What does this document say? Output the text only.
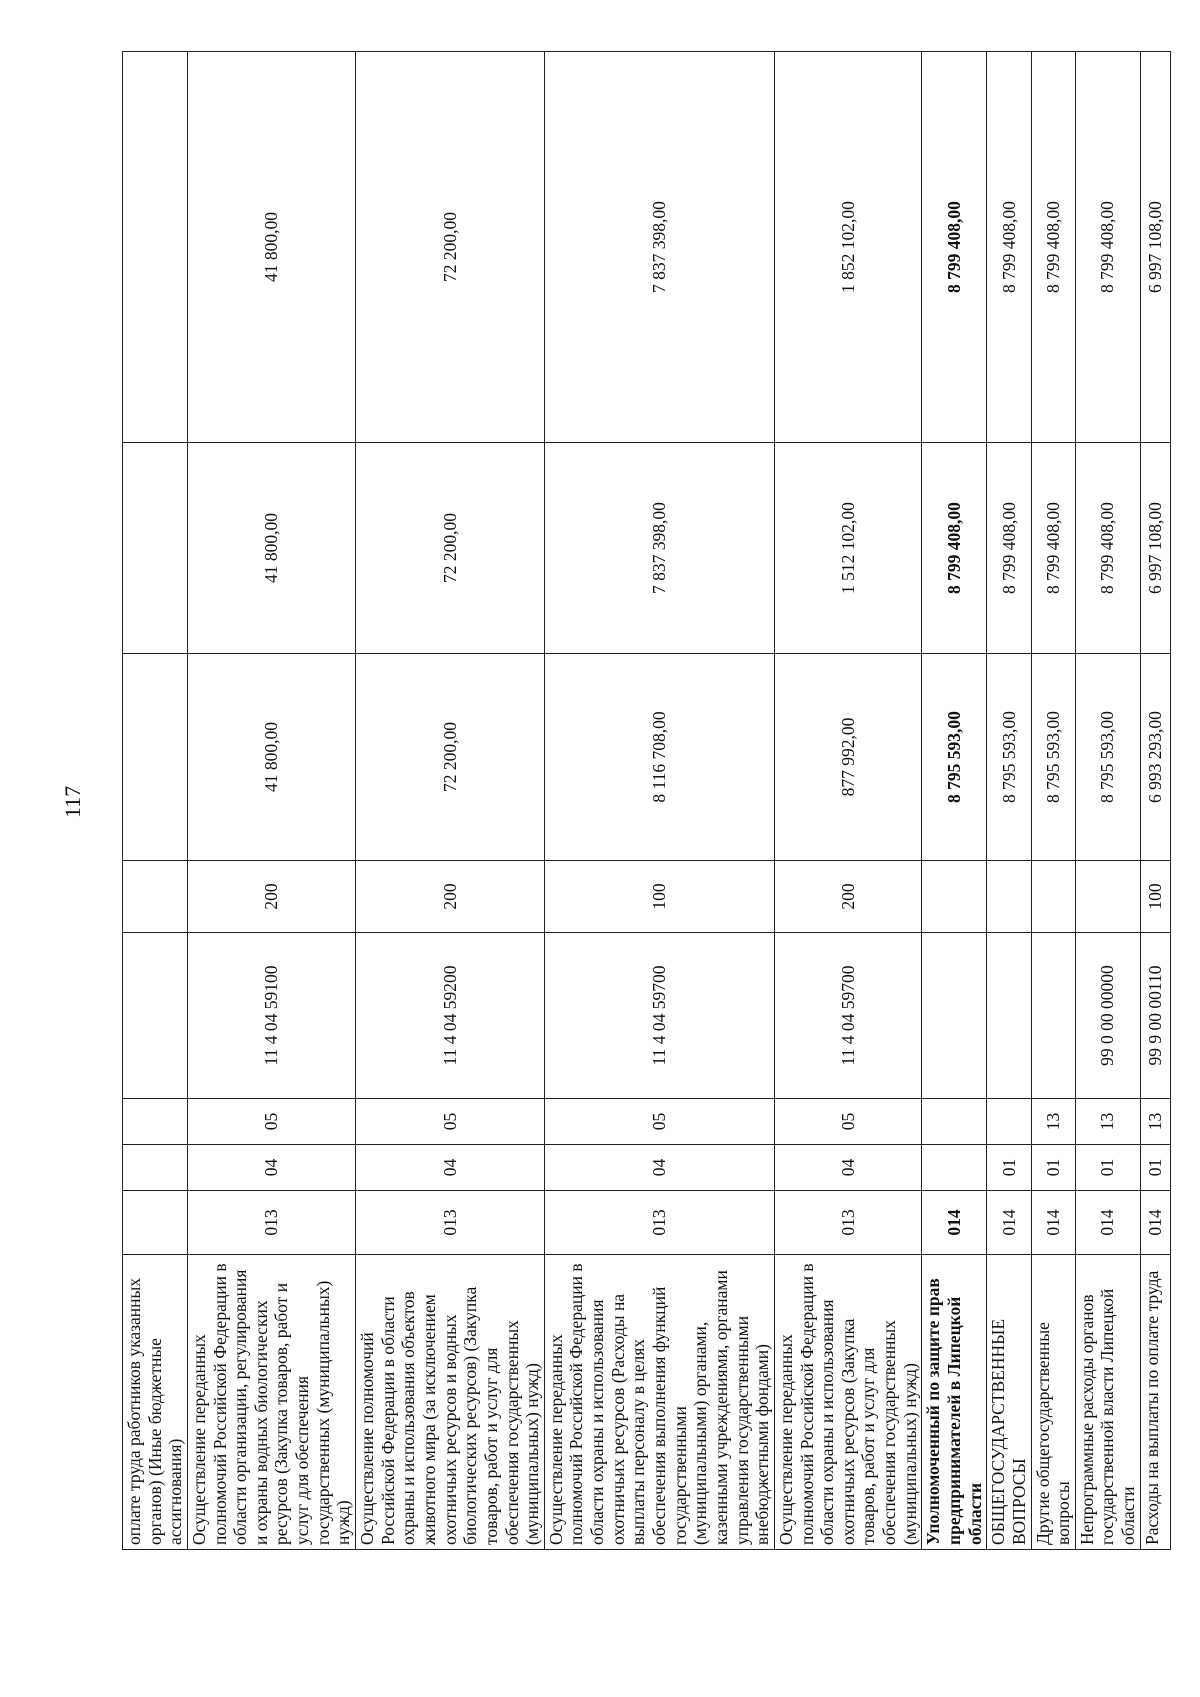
117
оплате труда работников указанных органов) (Иные бюджетные ассигнования)								
Осуществление переданных полномочий Российской Федерации в области организации, регулирования и охраны водных биологических ресурсов (Закупка товаров, работ и услуг для обеспечения государственных (муниципальных) нужд)	013	04	05	11 4 04 59100	200	41 800,00	41 800,00	41 800,00
Осуществление полномочий Российской Федерации в области охраны и использования объектов животного мира (за исключением охотничьих ресурсов и водных биологических ресурсов) (Закупка товаров, работ и услуг для обеспечения государственных (муниципальных) нужд)	013	04	05	11 4 04 59200	200	72 200,00	72 200,00	72 200,00
Осуществление переданных полномочий Российской Федерации в области охраны и использования охотничьих ресурсов (Расходы на выплаты персоналу в целях обеспечения выполнения функций государственными (муниципальными) органами, казенными учреждениями, органами управления государственными внебюджетными фондами)	013	04	05	11 4 04 59700	100	8 116 708,00	7 837 398,00	7 837 398,00
Осуществление переданных полномочий Российской Федерации в области охраны и использования охотничьих ресурсов (Закупка товаров, работ и услуг для обеспечения государственных (муниципальных) нужд)	013	04	05	11 4 04 59700	200	877 992,00	1 512 102,00	1 852 102,00
Уполномоченный по защите прав предпринимателей в Липецкой области	014					8 795 593,00	8 799 408,00	8 799 408,00
ОБЩЕГОСУДАРСТВЕННЫЕ ВОПРОСЫ	014	01				8 795 593,00	8 799 408,00	8 799 408,00
Другие общегосударственные вопросы	014	01	13			8 795 593,00	8 799 408,00	8 799 408,00
Непрограммные расходы органов государственной власти Липецкой области	014	01	13	99 0 00 00000		8 795 593,00	8 799 408,00	8 799 408,00
Расходы на выплаты по оплате труда	014	01	13	99 9 00 00110	100	6 993 293,00	6 997 108,00	6 997 108,00
